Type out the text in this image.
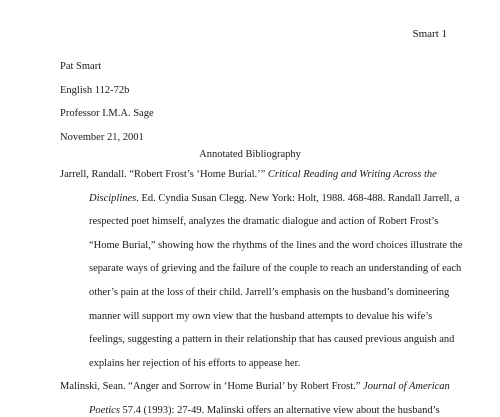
Smart 1
Pat Smart
English 112-72b
Professor I.M.A. Sage
November 21, 2001
Annotated Bibliography
Jarrell, Randall. “Robert Frost’s ‘Home Burial.’” Critical Reading and Writing Across the
Disciplines. Ed. Cyndia Susan Clegg. New York: Holt, 1988. 468-488. Randall Jarrell, a
respected poet himself, analyzes the dramatic dialogue and action of Robert Frost’s
“Home Burial,” showing how the rhythms of the lines and the word choices illustrate the
separate ways of grieving and the failure of the couple to reach an understanding of each
other’s pain at the loss of their child. Jarrell’s emphasis on the husband’s domineering
manner will support my own view that the husband attempts to devalue his wife’s
feelings, suggesting a pattern in their relationship that has caused previous anguish and
explains her rejection of his efforts to appease her.
Malinski, Sean. “Anger and Sorrow in ‘Home Burial’ by Robert Frost.” Journal of American
Poetics 57.4 (1993): 27-49. Malinski offers an alternative view about the husband’s
